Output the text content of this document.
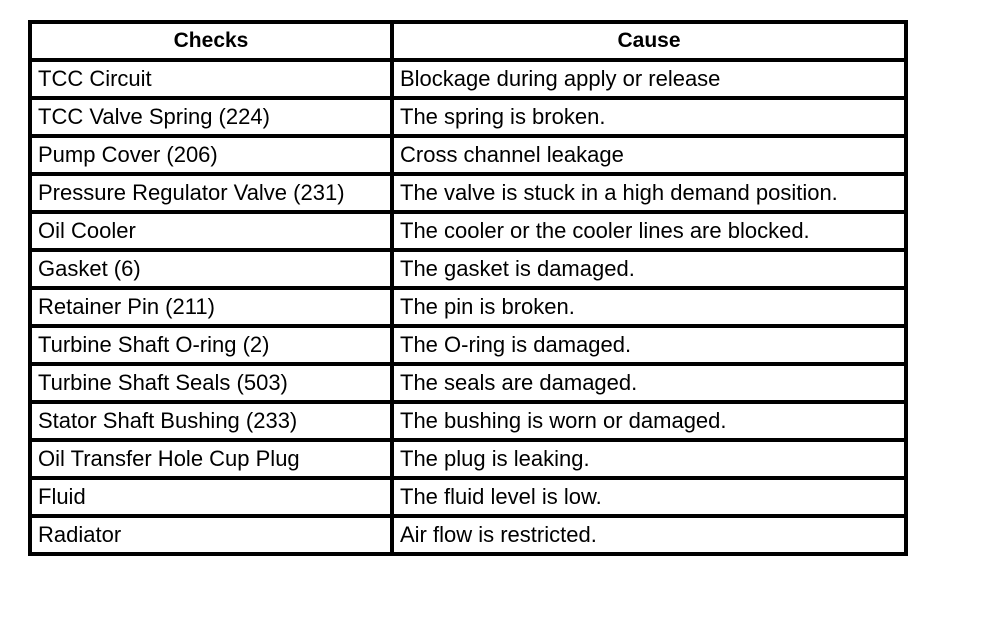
Checks	Cause
TCC Circuit	Blockage during apply or release
TCC Valve Spring (224)	The spring is broken.
Pump Cover (206)	Cross channel leakage
Pressure Regulator Valve (231)	The valve is stuck in a high demand position.
Oil Cooler	The cooler or the cooler lines are blocked.
Gasket (6)	The gasket is damaged.
Retainer Pin (211)	The pin is broken.
Turbine Shaft O-ring (2)	The O-ring is damaged.
Turbine Shaft Seals (503)	The seals are damaged.
Stator Shaft Bushing (233)	The bushing is worn or damaged.
Oil Transfer Hole Cup Plug	The plug is leaking.
Fluid	The fluid level is low.
Radiator	Air flow is restricted.
